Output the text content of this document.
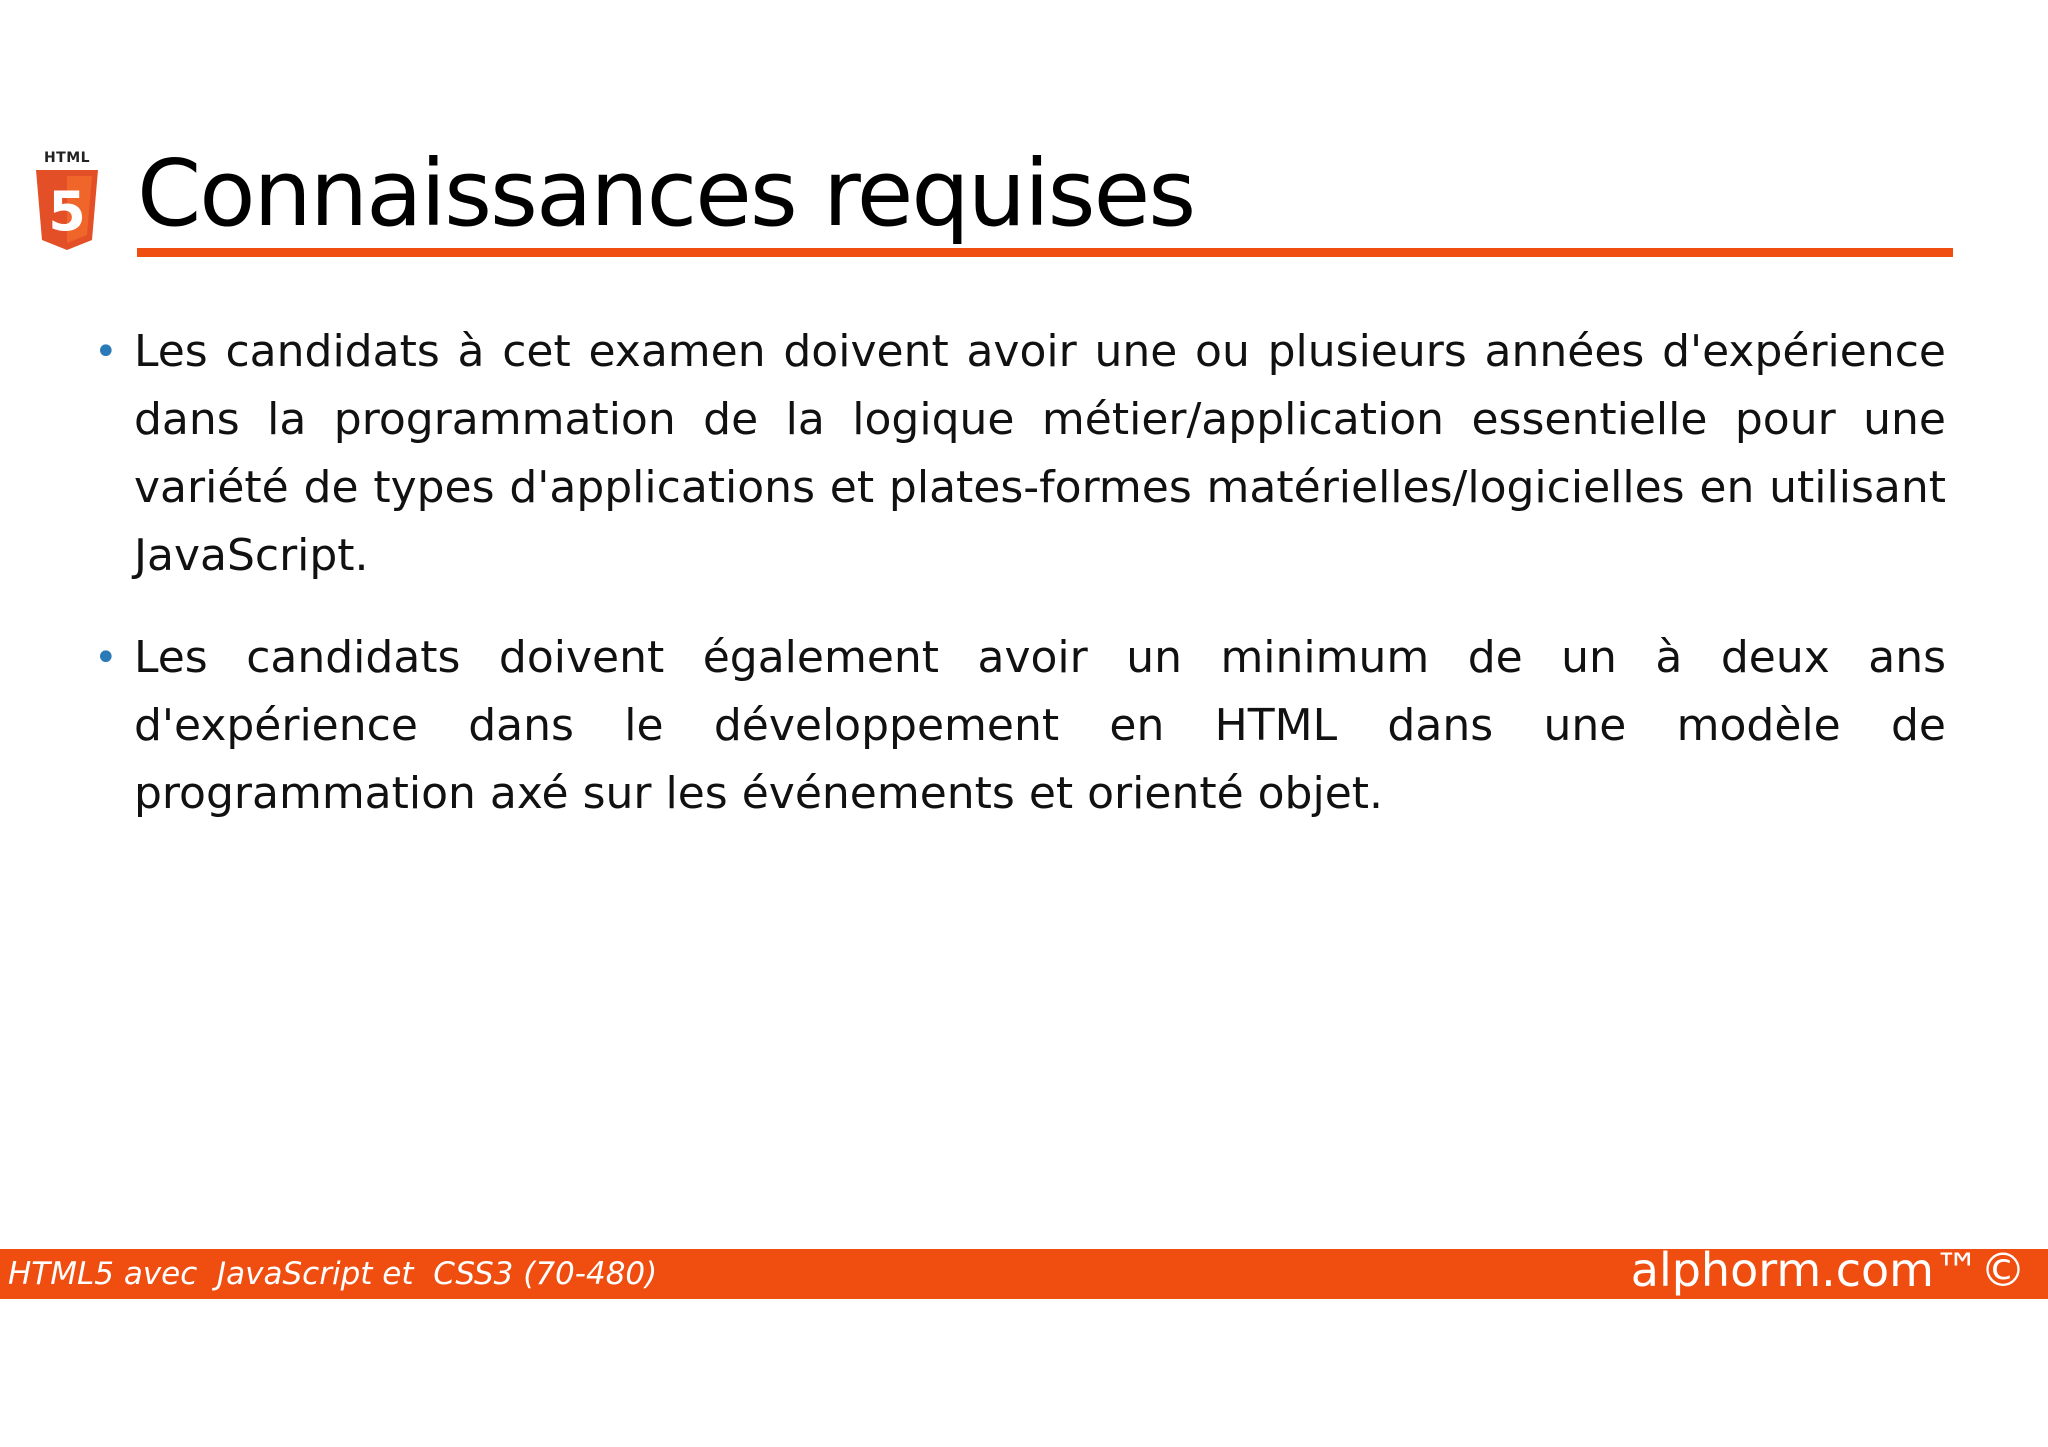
HTML
5 Connaissances requises
• Les candidats à cet examen doivent avoir une ou plusieurs années d'expérience dans la programmation de la logique métier/application essentielle pour une variété de types d'applications et plates-formes matérielles/logicielles en utilisant JavaScript.
• Les candidats doivent également avoir un minimum de un à deux ans d'expérience dans le développement en HTML dans une modèle de programmation axé sur les événements et orienté objet.
HTML5 avec  JavaScript et  CSS3 (70-480)	alphorm.com™©
